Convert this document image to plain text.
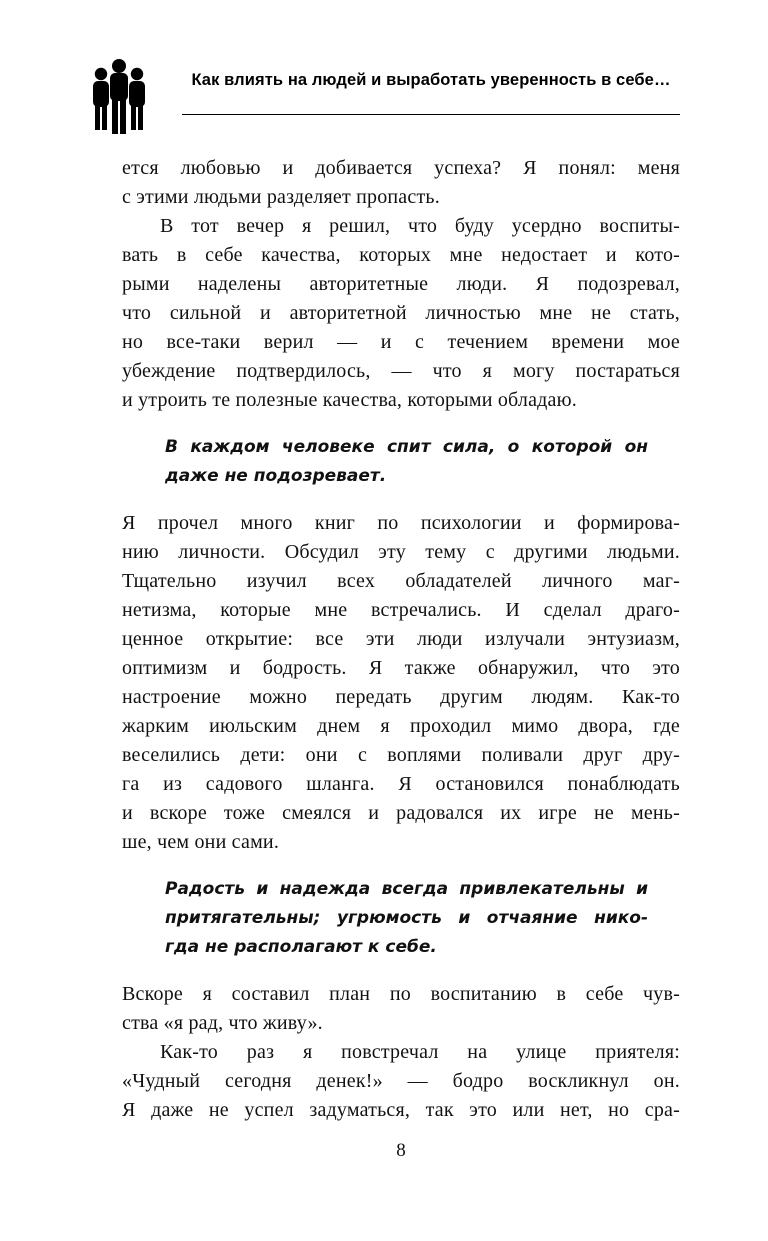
Как влиять на людей и выработать уверенность в себе…
ется любовью и добивается успеха? Я понял: меня
с этими людьми разделяет пропасть.
В тот вечер я решил, что буду усердно воспиты-
вать в себе качества, которых мне недостает и кото-
рыми наделены авторитетные люди. Я подозревал,
что сильной и авторитетной личностью мне не стать,
но все-таки верил — и с течением времени мое
убеждение подтвердилось, — что я могу постараться
и утроить те полезные качества, которыми обладаю.
В каждом человеке спит сила, о которой он
даже не подозревает.
Я прочел много книг по психологии и формирова-
нию личности. Обсудил эту тему с другими людьми.
Тщательно изучил всех обладателей личного маг-
нетизма, которые мне встречались. И сделал драго-
ценное открытие: все эти люди излучали энтузиазм,
оптимизм и бодрость. Я также обнаружил, что это
настроение можно передать другим людям. Как-то
жарким июльским днем я проходил мимо двора, где
веселились дети: они с воплями поливали друг дру-
га из садового шланга. Я остановился понаблюдать
и вскоре тоже смеялся и радовался их игре не мень-
ше, чем они сами.
Радость и надежда всегда привлекательны и
притягательны; угрюмость и отчаяние нико-
гда не располагают к себе.
Вскоре я составил план по воспитанию в себе чув-
ства «я рад, что живу».
Как-то раз я повстречал на улице приятеля:
«Чудный сегодня денек!» — бодро воскликнул он.
Я даже не успел задуматься, так это или нет, но сра-
8
